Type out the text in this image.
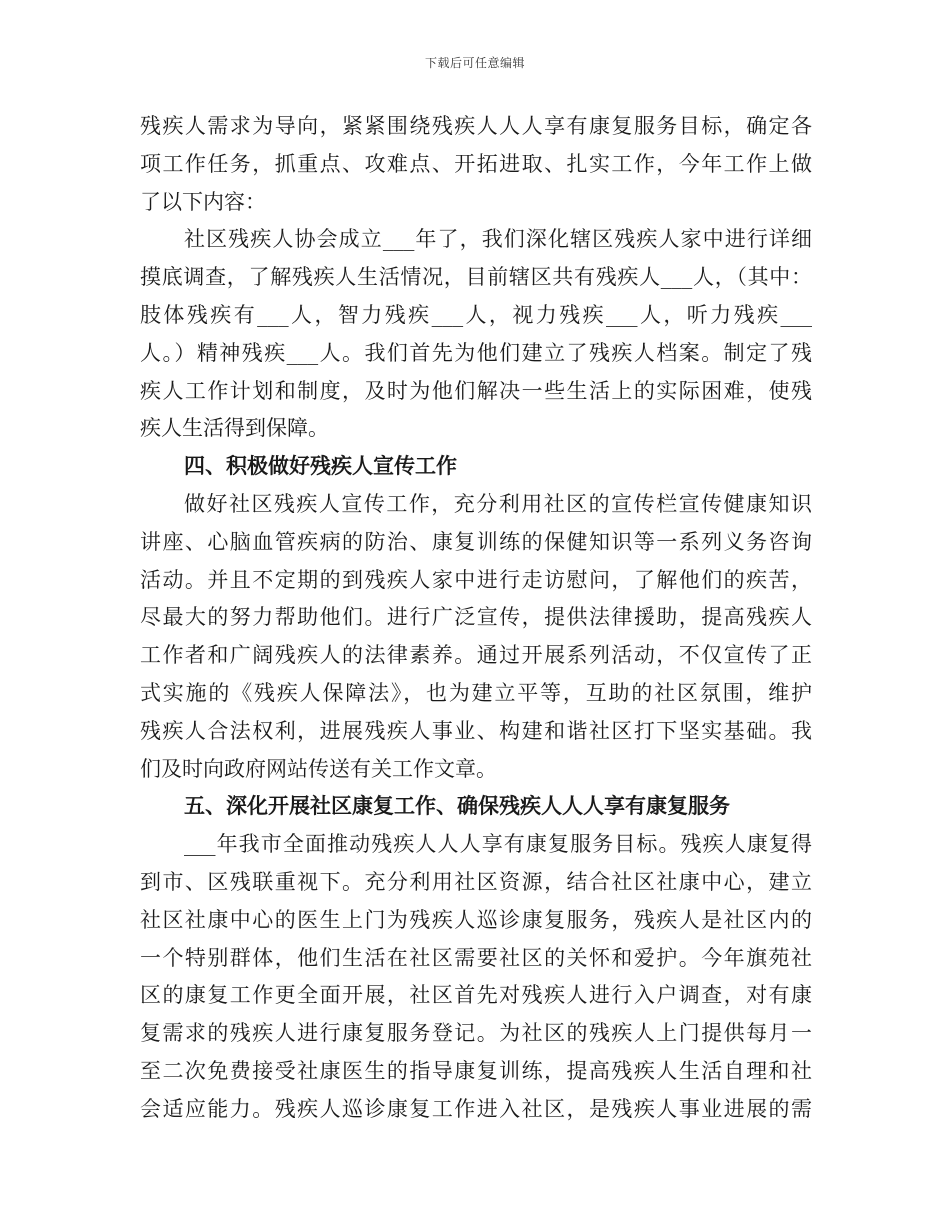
下载后可任意编辑
残疾人需求为导向，紧紧围绕残疾人人人享有康复服务目标，确定各
项工作任务，抓重点、攻难点、开拓进取、扎实工作，今年工作上做
了以下内容：
社区残疾人协会成立___年了，我们深化辖区残疾人家中进行详细
摸底调查，了解残疾人生活情况，目前辖区共有残疾人___人，（其中：
肢体残疾有___人，智力残疾___人，视力残疾___人，听力残疾___
人。）精神残疾___人。我们首先为他们建立了残疾人档案。制定了残
疾人工作计划和制度，及时为他们解决一些生活上的实际困难，使残
疾人生活得到保障。
四、积极做好残疾人宣传工作
做好社区残疾人宣传工作，充分利用社区的宣传栏宣传健康知识
讲座、心脑血管疾病的防治、康复训练的保健知识等一系列义务咨询
活动。并且不定期的到残疾人家中进行走访慰问，了解他们的疾苦，
尽最大的努力帮助他们。进行广泛宣传，提供法律援助，提高残疾人
工作者和广阔残疾人的法律素养。通过开展系列活动，不仅宣传了正
式实施的《残疾人保障法》，也为建立平等，互助的社区氛围，维护
残疾人合法权利，进展残疾人事业、构建和谐社区打下坚实基础。我
们及时向政府网站传送有关工作文章。
五、深化开展社区康复工作、确保残疾人人人享有康复服务
___年我市全面推动残疾人人人享有康复服务目标。残疾人康复得
到市、区残联重视下。充分利用社区资源，结合社区社康中心，建立
社区社康中心的医生上门为残疾人巡诊康复服务，残疾人是社区内的
一个特别群体，他们生活在社区需要社区的关怀和爱护。今年旗苑社
区的康复工作更全面开展，社区首先对残疾人进行入户调查，对有康
复需求的残疾人进行康复服务登记。为社区的残疾人上门提供每月一
至二次免费接受社康医生的指导康复训练，提高残疾人生活自理和社
会适应能力。残疾人巡诊康复工作进入社区，是残疾人事业进展的需
